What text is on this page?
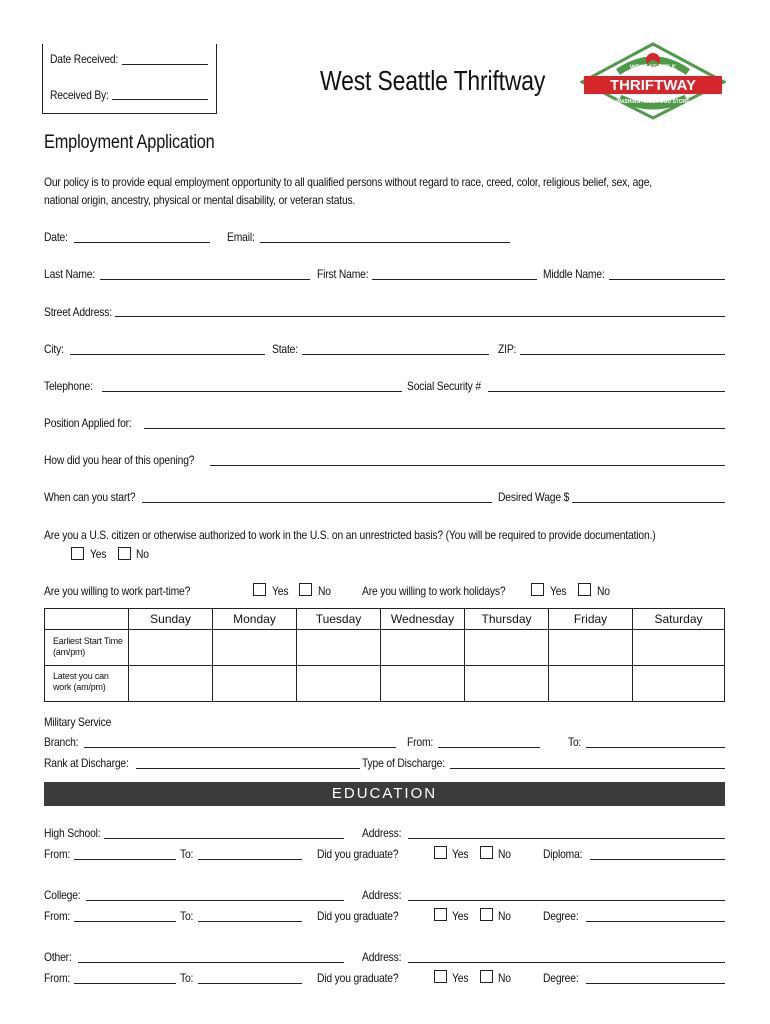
Date Received:
Received By:	West Seattle Thriftway	WEST SEATTLE
THRIFTWAY
WASHINGTON'S FOOD STORE
Employment Application
Our policy is to provide equal employment opportunity to all qualified persons without regard to race, creed, color, religious belief, sex, age,
national origin, ancestry, physical or mental disability, or veteran status.
Date:	Email:
Last Name:	First Name:	Middle Name:
Street Address:
City:	State:	ZIP:
Telephone:	Social Security #
Position Applied for:
How did you hear of this opening?
When can you start?	Desired Wage $
Are you a U.S. citizen or otherwise authorized to work in the U.S. on an unrestricted basis? (You will be required to provide documentation.)
Yes No
Are you willing to work part-time?	Yes No	Are you willing to work holidays?	Yes	No
Sunday	Monday	Tuesday	Wednesday	Thursday	Friday	Saturday
Earliest Start Time (am/pm)
Latest you can work (am/pm)
Military Service
Branch:	From:	To:
Rank at Discharge:	Type of Discharge:
EDUCATION
High School:	Address:
From:	To:	Did you graduate?	Yes No	Diploma:
College:	Address:
From:	To:	Did you graduate?	Yes No	Degree:
Other:	Address:
From:	To:	Did you graduate?	Yes No	Degree:
